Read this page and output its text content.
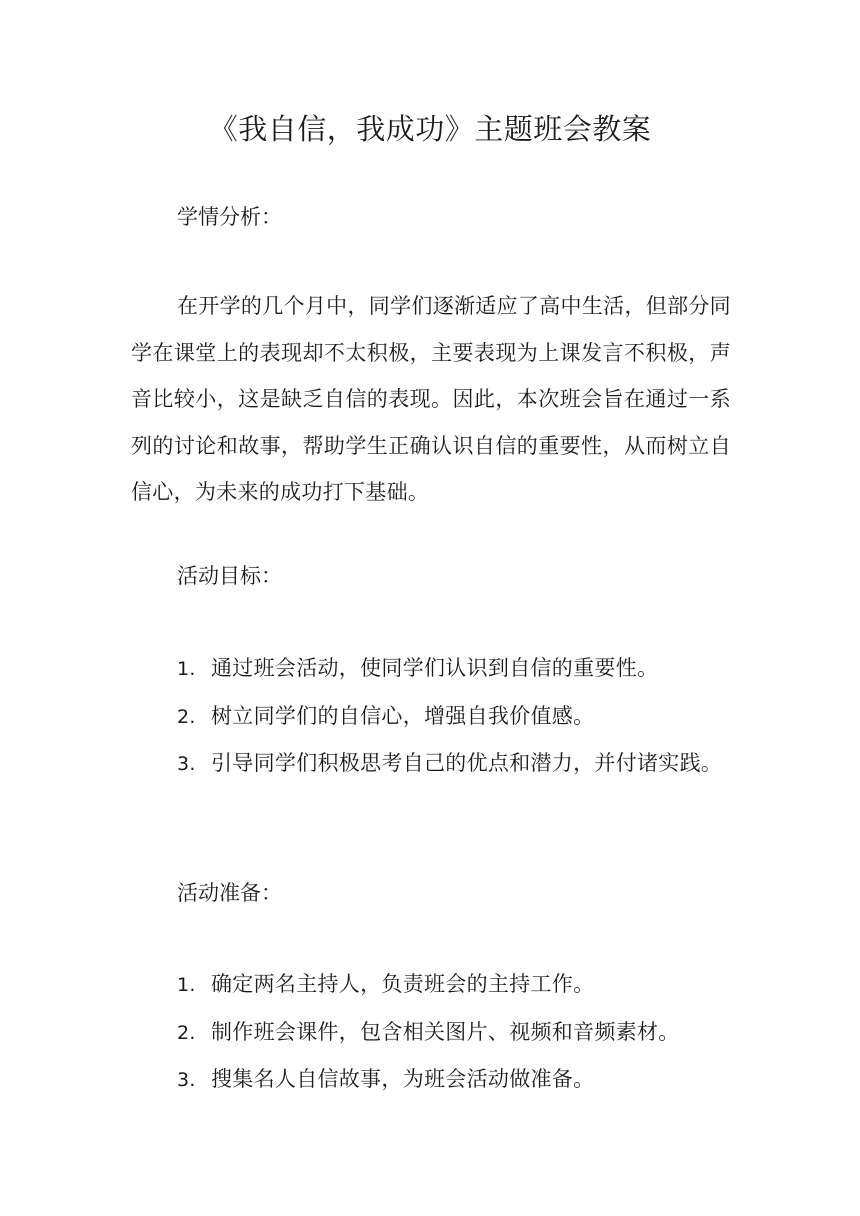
《我自信，我成功》主题班会教案
学情分析：

在开学的几个月中，同学们逐渐适应了高中生活，但部分同学在课堂上的表现却不太积极，主要表现为上课发言不积极，声音比较小，这是缺乏自信的表现。因此，本次班会旨在通过一系列的讨论和故事，帮助学生正确认识自信的重要性，从而树立自信心，为未来的成功打下基础。

活动目标：
1. 通过班会活动，使同学们认识到自信的重要性。
2. 树立同学们的自信心，增强自我价值感。
3. 引导同学们积极思考自己的优点和潜力，并付诸实践。
活动准备：
1. 确定两名主持人，负责班会的主持工作。
2. 制作班会课件，包含相关图片、视频和音频素材。
3. 搜集名人自信故事，为班会活动做准备。
